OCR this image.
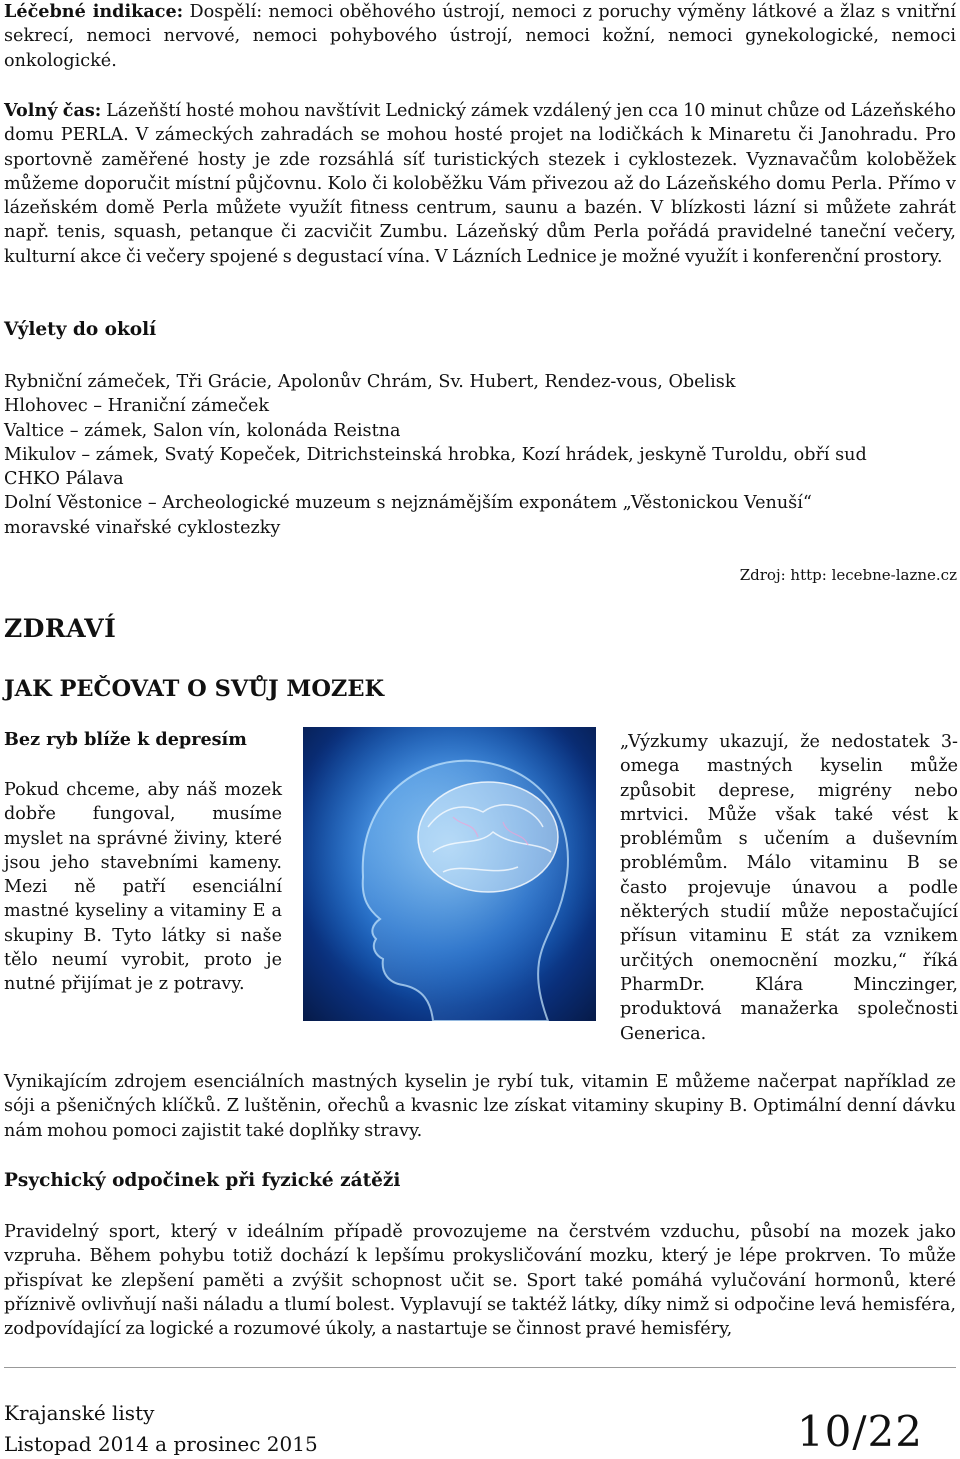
Léčebné indikace: Dospělí: nemoci oběhového ústrojí, nemoci z poruchy výměny látkové a žlaz s vnitřní sekrecí, nemoci nervové, nemoci pohybového ústrojí, nemoci kožní, nemoci gynekologické, nemoci onkologické.
Volný čas: Lázeňští hosté mohou navštívit Lednický zámek vzdálený jen cca 10 minut chůze od Lázeňského domu PERLA. V zámeckých zahradách se mohou hosté projet na lodičkách k Minaretu či Janohradu. Pro sportovně zaměřené hosty je zde rozsáhlá síť turistických stezek i cyklostezek. Vyznavačům koloběžek můžeme doporučit místní půjčovnu. Kolo či koloběžku Vám přivezou až do Lázeňského domu Perla. Přímo v lázeňském domě Perla můžete využít fitness centrum, saunu a bazén. V blízkosti lázní si můžete zahrát např. tenis, squash, petanque či zacvičit Zumbu. Lázeňský dům Perla pořádá pravidelné taneční večery, kulturní akce či večery spojené s degustací vína. V Lázních Lednice je možné využít i konferenční prostory.
Výlety do okolí
Rybniční zámeček, Tři Grácie, Apolonův Chrám, Sv. Hubert, Rendez-vous, Obelisk
Hlohovec – Hraniční zámeček
Valtice – zámek, Salon vín, kolonáda Reistna
Mikulov – zámek, Svatý Kopeček, Ditrichsteinská hrobka, Kozí hrádek, jeskyně Turoldu, obří sud
CHKO Pálava
Dolní Věstonice – Archeologické muzeum s nejznámějším exponátem „Věstonickou Venuší“
moravské vinařské cyklostezky
Zdroj: http: lecebne-lazne.cz
ZDRAVÍ
JAK PEČOVAT O SVŮJ MOZEK
Bez ryb blíže k depresím
Pokud chceme, aby náš mozek dobře fungoval, musíme myslet na správné živiny, které jsou jeho stavebními kameny. Mezi ně patří esenciální mastné kyseliny a vitaminy E a skupiny B. Tyto látky si naše tělo neumí vyrobit, proto je nutné přijímat je z potravy.
„Výzkumy ukazují, že nedostatek 3-omega mastných kyselin může způsobit deprese, migrény nebo mrtvici. Může však také vést k problémům s učením a duševním problémům. Málo vitaminu B se často projevuje únavou a podle některých studií může nepostačující přísun vitaminu E stát za vznikem určitých onemocnění mozku,“ říká PharmDr. Klára Minczinger, produktová manažerka společnosti Generica.
Vynikajícím zdrojem esenciálních mastných kyselin je rybí tuk, vitamin E můžeme načerpat například ze sóji a pšeničných klíčků. Z luštěnin, ořechů a kvasnic lze získat vitaminy skupiny B. Optimální denní dávku nám mohou pomoci zajistit také doplňky stravy.
Psychický odpočinek při fyzické zátěži
Pravidelný sport, který v ideálním případě provozujeme na čerstvém vzduchu, působí na mozek jako vzpruha. Během pohybu totiž dochází k lepšímu prokysličování mozku, který je lépe prokrven. To může přispívat ke zlepšení paměti a zvýšit schopnost učit se. Sport také pomáhá vylučování hormonů, které příznivě ovlivňují naši náladu a tlumí bolest. Vyplavují se taktéž látky, díky nimž si odpočine levá hemisféra, zodpovídající za logické a rozumové úkoly, a nastartuje se činnost pravé hemisféry,
Krajanské listy
Listopad 2014 a prosinec 2015	10/22
